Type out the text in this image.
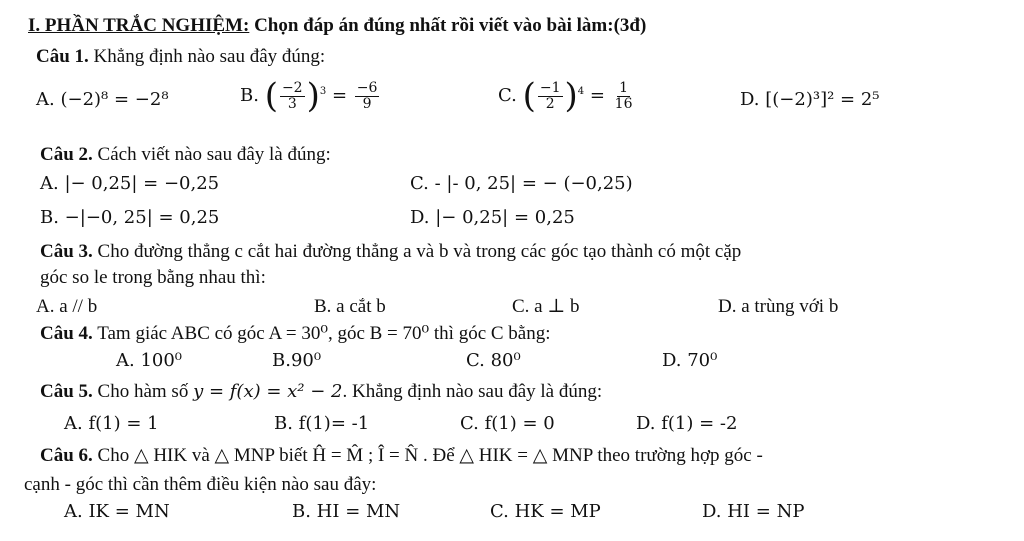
I. PHẦN TRẮC NGHIỆM: Chọn đáp án đúng nhất rồi viết vào bài làm:(3đ)
Câu 1. Khẳng định nào sau đây đúng:
A. (−2)⁸ = −2⁸	B. ( $\frac{-2}{3} )^3 = \frac{-6}{9}$	C. ( $\frac{-1}{2} )^4 = \frac{1}{16}$	D. [(−2)³]² = 2⁵
Câu 2. Cách viết nào sau đây là đúng:
A. |− 0,25| = −0,25	C. - |- 0, 25| = − (−0,25)
B. −|−0, 25| = 0,25	D. |− 0,25| = 0,25
Câu 3. Cho đường thẳng c cắt hai đường thẳng a và b và trong các góc tạo thành có một cặp
góc so le trong bằng nhau thì:
A. a // b	B. a cắt b	C. a ⊥ b	D. a trùng với b
Câu 4. Tam giác ABC có góc A = 30⁰, góc B = 70⁰ thì góc C bằng:
A. 100⁰	B.90⁰	C. 80⁰	D. 70⁰
Câu 5. Cho hàm số y = f(x) = x² − 2. Khẳng định nào sau đây là đúng:
A. f(1) = 1	B. f(1)= -1	C. f(1) = 0	D. f(1) = -2
Câu 6. Cho △ HIK và △ MNP biết Ĥ = M̂ ; Î = N̂ . Để △ HIK = △ MNP theo trường hợp góc -
cạnh - góc thì cần thêm điều kiện nào sau đây:
A. IK = MN	B. HI = MN	C. HK = MP	D. HI = NP
